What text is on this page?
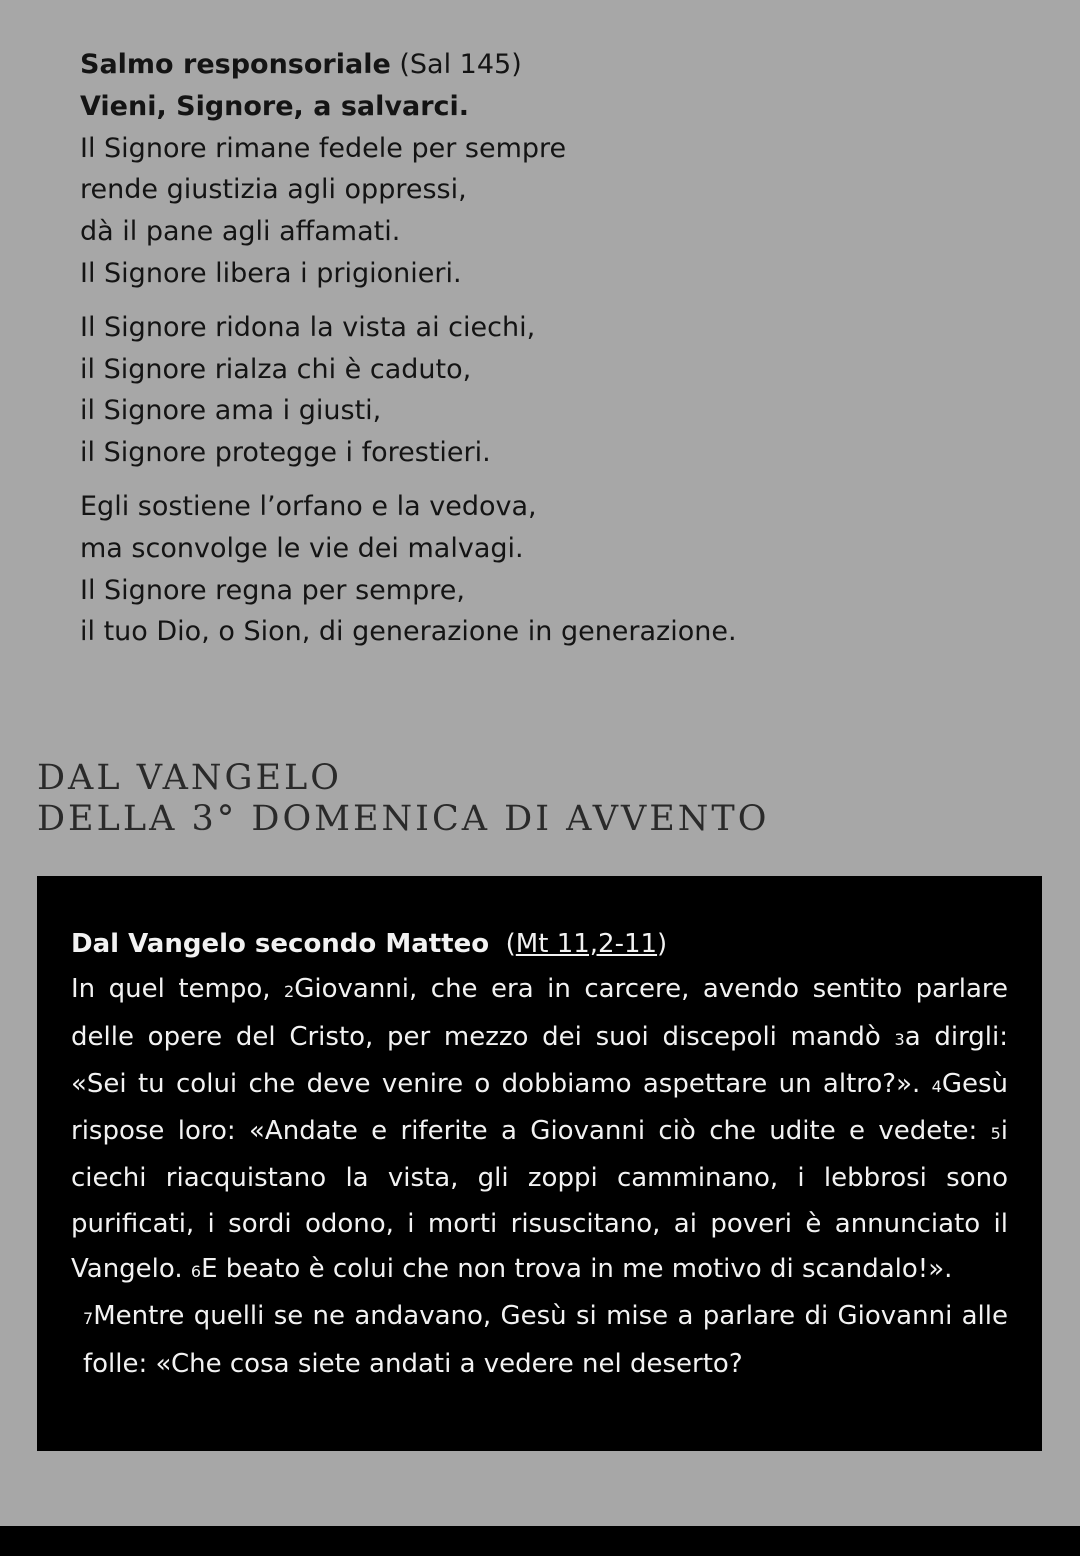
Salmo responsoriale (Sal 145)

Vieni, Signore, a salvarci.

Il Signore rimane fedele per sempre

rende giustizia agli oppressi,

dà il pane agli affamati.

Il Signore libera i prigionieri.

Il Signore ridona la vista ai ciechi,

il Signore rialza chi è caduto,

il Signore ama i giusti,

il Signore protegge i forestieri.

Egli sostiene l’orfano e la vedova,

ma sconvolge le vie dei malvagi.

Il Signore regna per sempre,

il tuo Dio, o Sion, di generazione in generazione.

DAL VANGELO
DELLA 3° DOMENICA DI AVVENTO

Dal Vangelo secondo Matteo  (Mt 11,2-11)

In quel tempo, 2Giovanni, che era in carcere, avendo sentito parlare delle opere del Cristo, per mezzo dei suoi discepoli mandò 3a dirgli: «Sei tu colui che deve venire o dobbiamo aspettare un altro?». 4Gesù rispose loro: «Andate e riferite a Giovanni ciò che udite e vedete: 5i ciechi riacquistano la vista, gli zoppi camminano, i lebbrosi sono purificati, i sordi odono, i morti risuscitano, ai poveri è annunciato il Vangelo. 6E beato è colui che non trova in me motivo di scandalo!».

7Mentre quelli se ne andavano, Gesù si mise a parlare di Giovanni alle folle: «Che cosa siete andati a vedere nel deserto?
